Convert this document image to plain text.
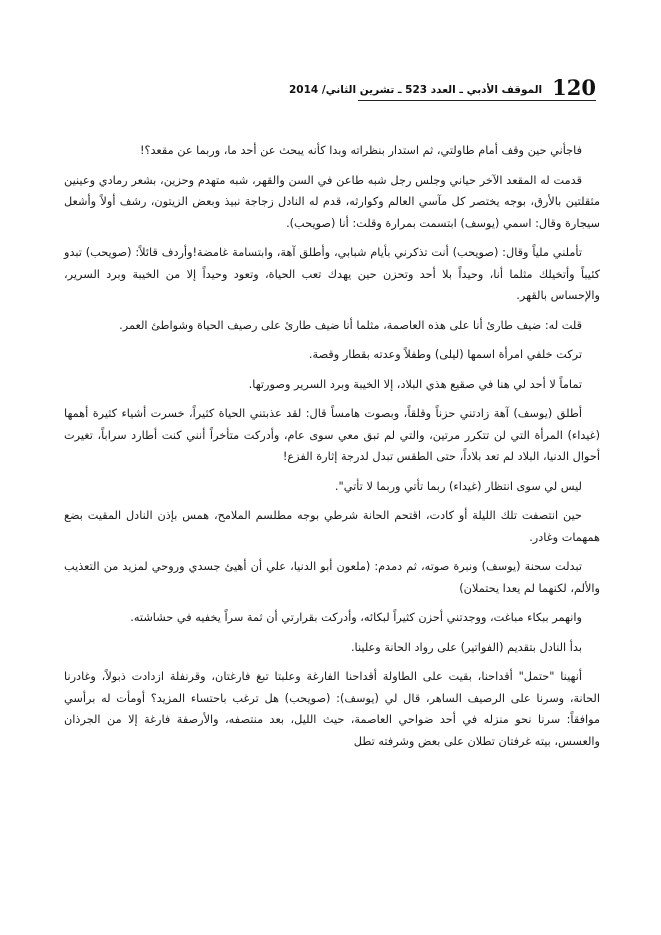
120
الموقف الأدبي ـ العدد 523 ـ تشرين الثاني/ 2014

فاجأني حين وقف أمام طاولتي، ثم استدار بنظراته وبدا كأنه يبحث عن أحد ما، وربما عن مقعد؟!

قدمت له المقعد الآخر حياني وجلس رجل شبه طاعن في السن والقهر، شبه متهدم وحزين، بشعر رمادي وعينين مثقلتين بالأرق، بوجه يختصر كل مآسي العالم وكوارثه، قدم له النادل زجاجة نبيذ وبعض الزيتون، رشف أولاً وأشعل سيجارة وقال: اسمي (يوسف) ابتسمت بمرارة وقلت: أنا (صويحب).

تأملني ملياً وقال: (صويحب) أنت تذكرني بأيام شبابي، وأطلق آهة، وابتسامة غامضة!وأردف قائلاً: (صويحب) تبدو كئيباً وأتخيلك مثلما أنا، وحيداً بلا أحد وتحزن حين يهدك تعب الحياة، وتعود وحيداً إلا من الخيبة وبرد السرير، والإحساس بالقهر.

قلت له: ضيف طارئ أنا على هذه العاصمة، مثلما أنا ضيف طارئ على رصيف الحياة وشواطئ العمر.

تركت خلفي امرأة اسمها (ليلى) وطفلاً وعدته بقطار وقصة.

تماماً لا أحد لي هنا في صقيع هذي البلاد، إلا الخيبة وبرد السرير وصورتها.

أطلق (يوسف) آهة زادتني حزناً وقلقاً، وبصوت هامساً قال: لقد عذبتني الحياة كثيراً، خسرت أشياء كثيرة أهمها (غيداء) المرأة التي لن تتكرر مرتين، والتي لم تبق معي سوى عام، وأدركت متأخراً أنني كنت أطارد سراباً، تغيرت أحوال الدنيا، البلاد لم تعد بلاداً، حتى الطقس تبدل لدرجة إثارة الفزع!

ليس لي سوى انتظار (غيداء) ربما تأتي وربما لا تأتي".

حين انتصفت تلك الليلة أو كادت، اقتحم الحانة شرطي بوجه مطلسم الملامح، همس بإذن النادل المقيت بضع همهمات وغادر.

تبدلت سحنة (يوسف) ونبرة صوته، ثم دمدم: (ملعون أبو الدنيا، علي أن أهيئ جسدي وروحي لمزيد من التعذيب والألم، لكنهما لم يعدا يحتملان)

وانهمر ببكاء مباغت، ووجدتني أحزن كثيراً لبكائه، وأدركت بقرارتي أن ثمة سراً يخفيه في حشاشته.

بدأ النادل بتقديم (الفواتير) على رواد الحانة وعلينا.

أنهينا "حتمل" أقداحنا، بقيت على الطاولة أقداحنا الفارغة وعلبتا تبغ فارغتان، وقرنفلة ازدادت ذبولاً، وغادرنا الحانة، وسرنا على الرصيف الساهر، قال لي (يوسف): (صويحب) هل ترغب باحتساء المزيد؟ أومأت له برأسي موافقاً: سرنا نحو منزله في أحد ضواحي العاصمة، حيث الليل، بعد منتصفه، والأرصفة فارغة إلا من الجرذان والعسس، بيته غرفتان تطلان على بعض وشرفته تطل
